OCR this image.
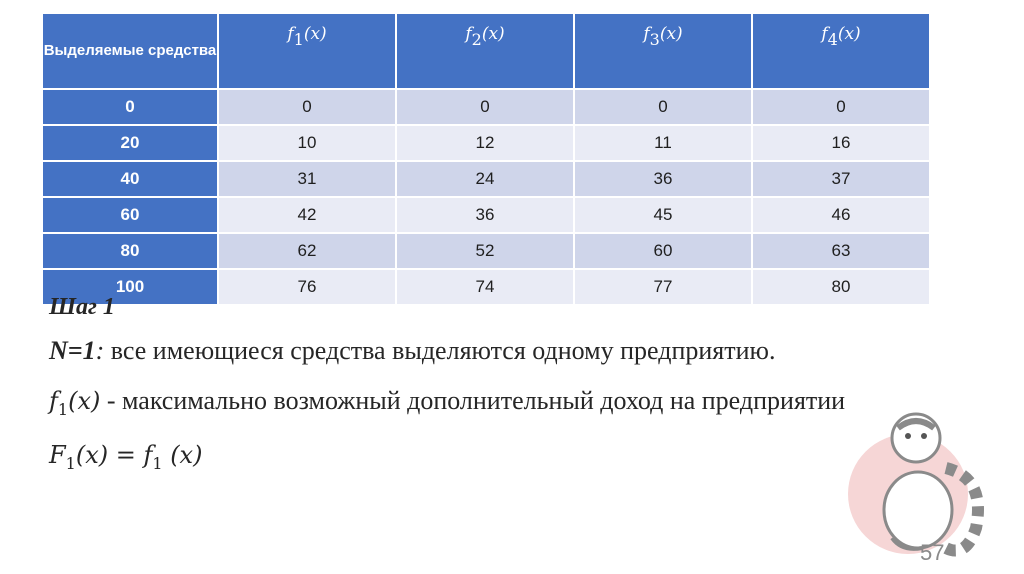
Выделяемые средства	f1(x)	f2(x)	f3(x)	f4(x)
0	0	0	0	0
20	10	12	11	16
40	31	24	36	37
60	42	36	45	46
80	62	52	60	63
100	76	74	77	80

Шаг 1

N=1: все имеющиеся средства выделяются одному предприятию.

$f_1(x)$ - максимально возможный дополнительный доход на предприятии

$F_1(x) = f_1$ (x)

57
